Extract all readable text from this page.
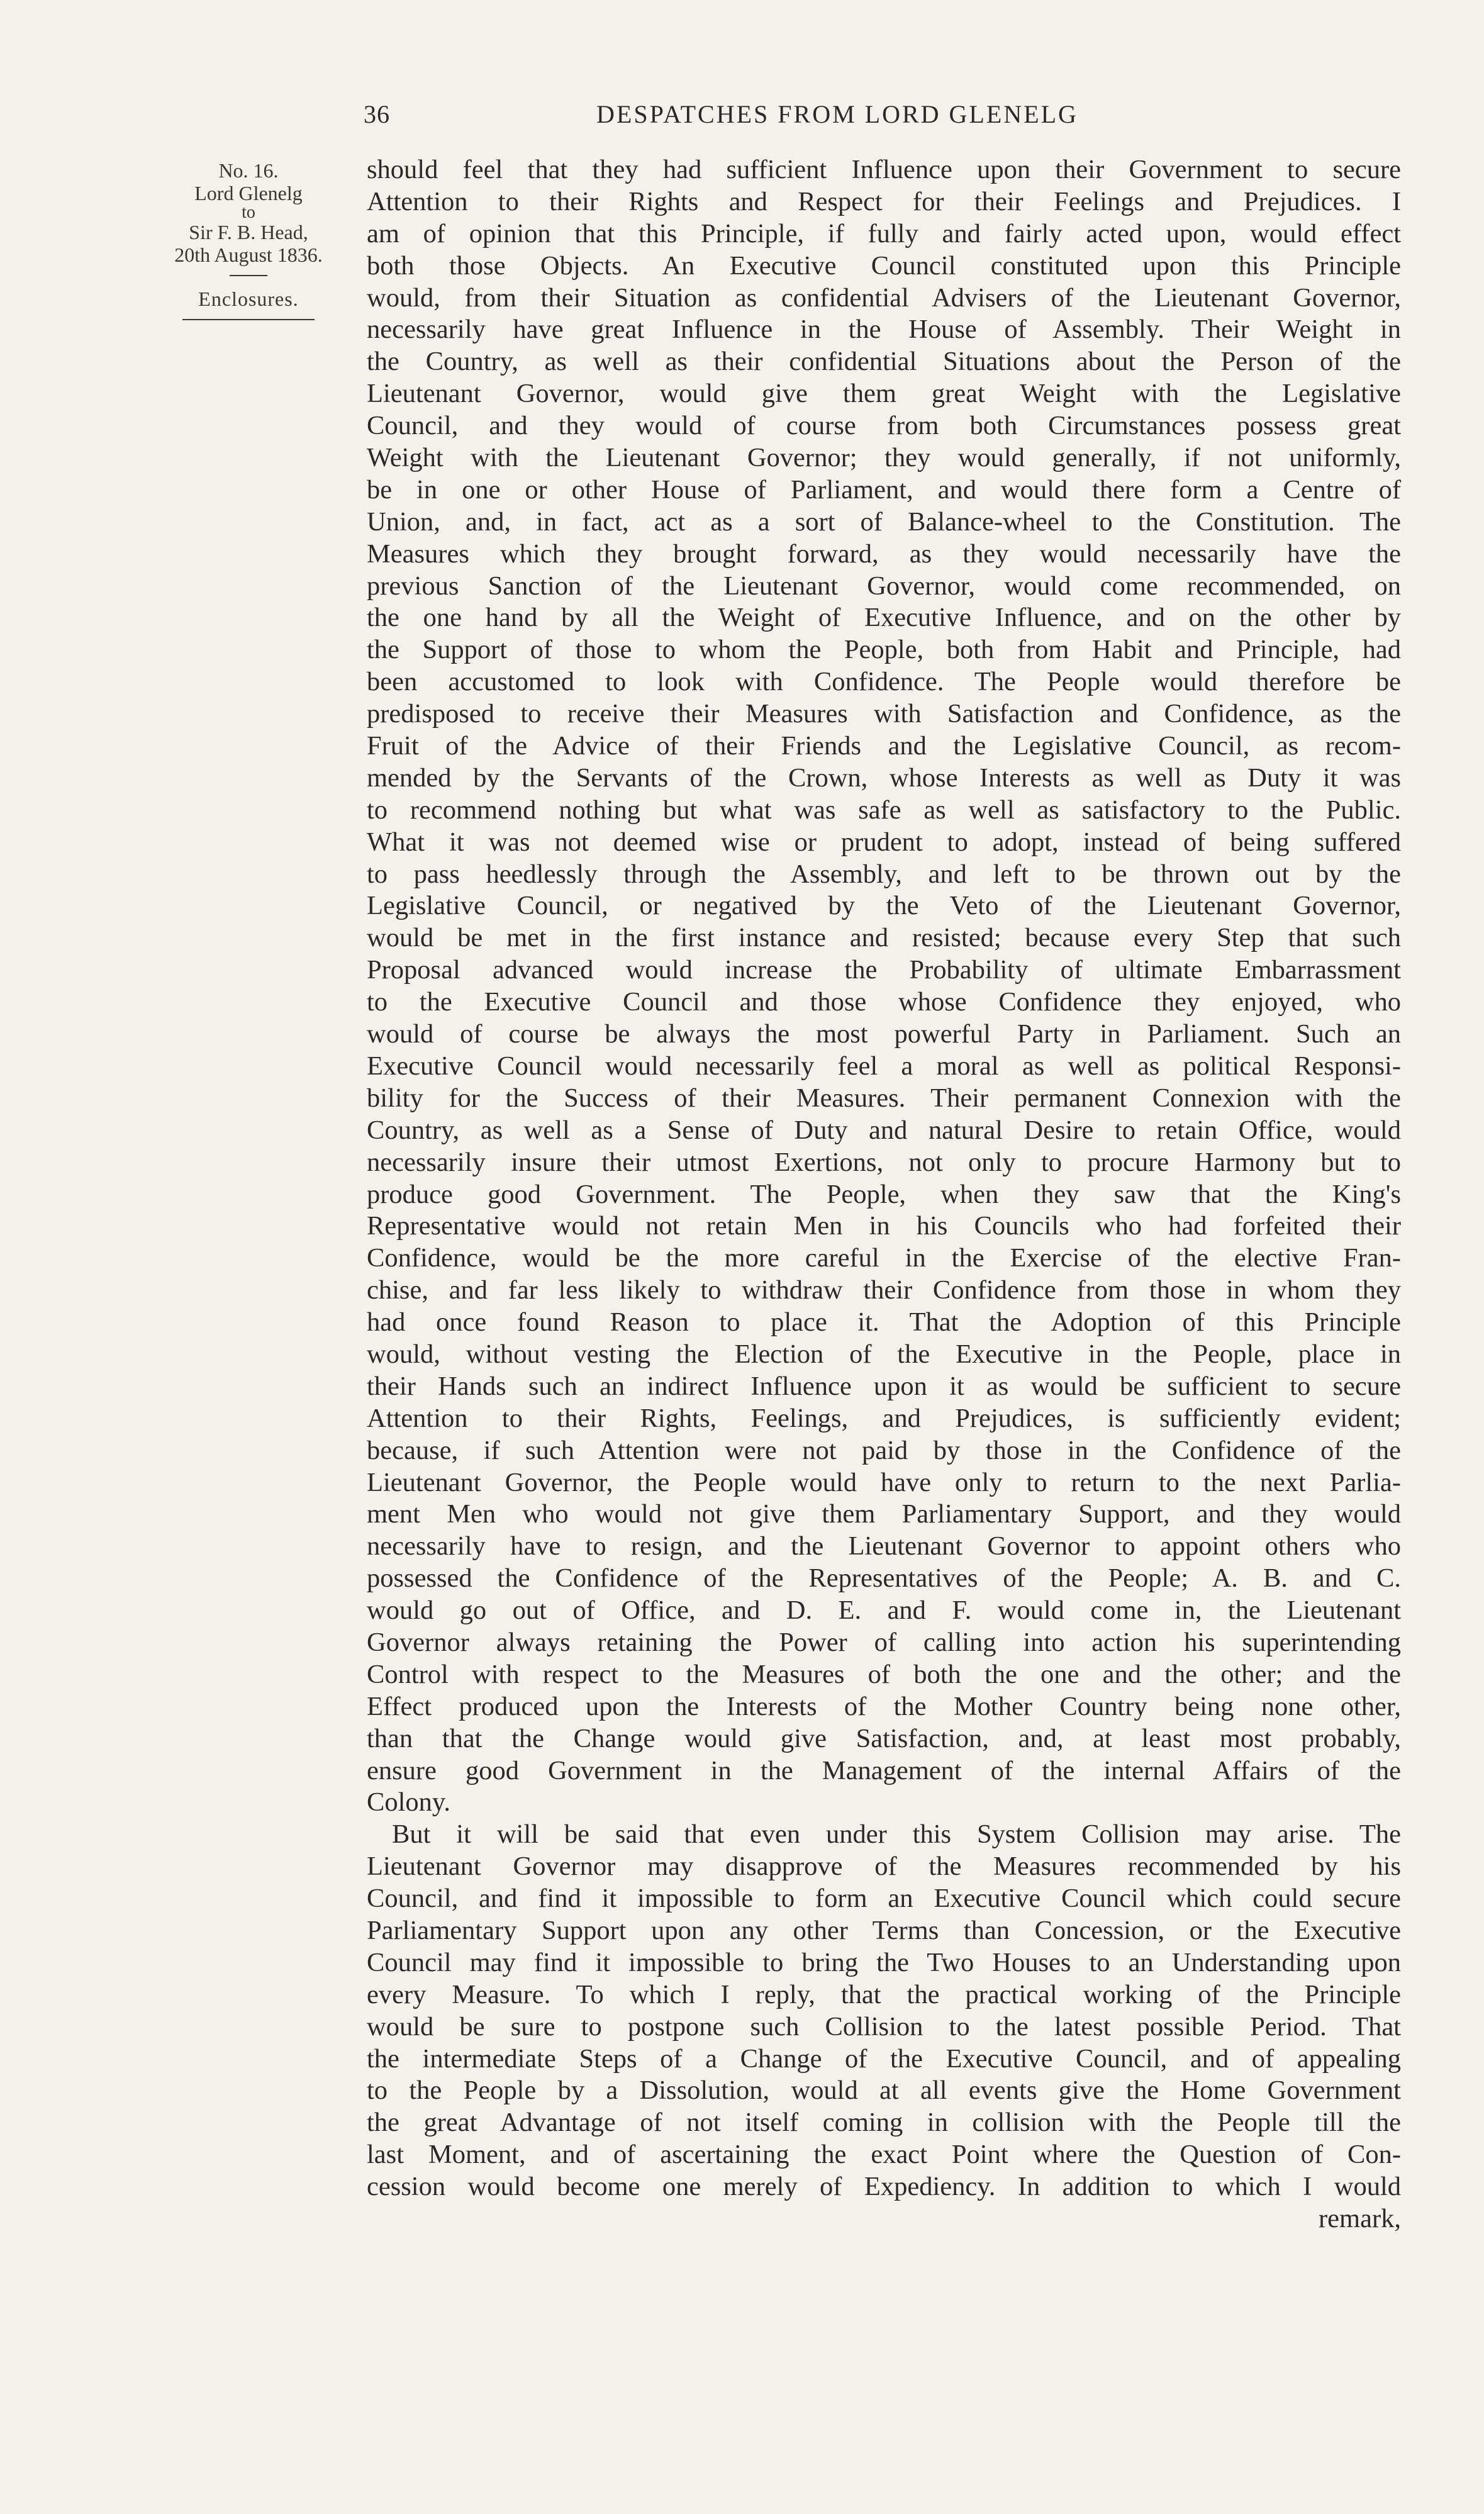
36	DESPATCHES FROM LORD GLENELG
No. 16.
Lord Glenelg
to
Sir F. B. Head,
20th August 1836.
Enclosures.
should feel that they had sufficient Influence upon their Government to secure
Attention to their Rights and Respect for their Feelings and Prejudices. I
am of opinion that this Principle, if fully and fairly acted upon, would effect
both those Objects. An Executive Council constituted upon this Principle
would, from their Situation as confidential Advisers of the Lieutenant Governor,
necessarily have great Influence in the House of Assembly. Their Weight in
the Country, as well as their confidential Situations about the Person of the
Lieutenant Governor, would give them great Weight with the Legislative
Council, and they would of course from both Circumstances possess great
Weight with the Lieutenant Governor; they would generally, if not uniformly,
be in one or other House of Parliament, and would there form a Centre of
Union, and, in fact, act as a sort of Balance-wheel to the Constitution. The
Measures which they brought forward, as they would necessarily have the
previous Sanction of the Lieutenant Governor, would come recommended, on
the one hand by all the Weight of Executive Influence, and on the other by
the Support of those to whom the People, both from Habit and Principle, had
been accustomed to look with Confidence. The People would therefore be
predisposed to receive their Measures with Satisfaction and Confidence, as the
Fruit of the Advice of their Friends and the Legislative Council, as recom-
mended by the Servants of the Crown, whose Interests as well as Duty it was
to recommend nothing but what was safe as well as satisfactory to the Public.
What it was not deemed wise or prudent to adopt, instead of being suffered
to pass heedlessly through the Assembly, and left to be thrown out by the
Legislative Council, or negatived by the Veto of the Lieutenant Governor,
would be met in the first instance and resisted; because every Step that such
Proposal advanced would increase the Probability of ultimate Embarrassment
to the Executive Council and those whose Confidence they enjoyed, who
would of course be always the most powerful Party in Parliament. Such an
Executive Council would necessarily feel a moral as well as political Responsi-
bility for the Success of their Measures. Their permanent Connexion with the
Country, as well as a Sense of Duty and natural Desire to retain Office, would
necessarily insure their utmost Exertions, not only to procure Harmony but to
produce good Government. The People, when they saw that the King's
Representative would not retain Men in his Councils who had forfeited their
Confidence, would be the more careful in the Exercise of the elective Fran-
chise, and far less likely to withdraw their Confidence from those in whom they
had once found Reason to place it. That the Adoption of this Principle
would, without vesting the Election of the Executive in the People, place in
their Hands such an indirect Influence upon it as would be sufficient to secure
Attention to their Rights, Feelings, and Prejudices, is sufficiently evident;
because, if such Attention were not paid by those in the Confidence of the
Lieutenant Governor, the People would have only to return to the next Parlia-
ment Men who would not give them Parliamentary Support, and they would
necessarily have to resign, and the Lieutenant Governor to appoint others who
possessed the Confidence of the Representatives of the People; A. B. and C.
would go out of Office, and D. E. and F. would come in, the Lieutenant
Governor always retaining the Power of calling into action his superintending
Control with respect to the Measures of both the one and the other; and the
Effect produced upon the Interests of the Mother Country being none other,
than that the Change would give Satisfaction, and, at least most probably,
ensure good Government in the Management of the internal Affairs of the
Colony.
But it will be said that even under this System Collision may arise. The
Lieutenant Governor may disapprove of the Measures recommended by his
Council, and find it impossible to form an Executive Council which could secure
Parliamentary Support upon any other Terms than Concession, or the Executive
Council may find it impossible to bring the Two Houses to an Understanding upon
every Measure. To which I reply, that the practical working of the Principle
would be sure to postpone such Collision to the latest possible Period. That
the intermediate Steps of a Change of the Executive Council, and of appealing
to the People by a Dissolution, would at all events give the Home Government
the great Advantage of not itself coming in collision with the People till the
last Moment, and of ascertaining the exact Point where the Question of Con-
cession would become one merely of Expediency. In addition to which I would
remark,
